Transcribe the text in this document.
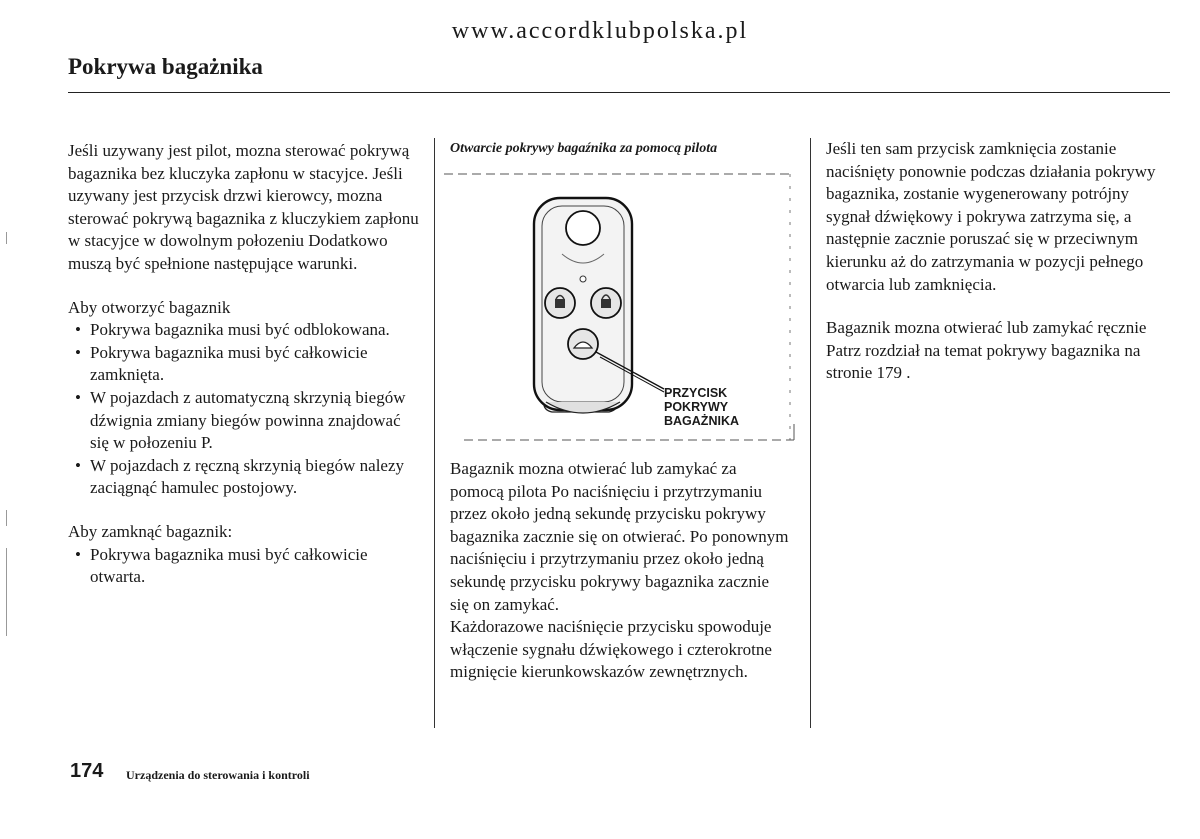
www.accordklubpolska.pl
Pokrywa bagażnika

Jeśli uzywany jest pilot, mozna sterować pokrywą bagaznika bez kluczyka zapłonu w stacyjce. Jeśli uzywany jest przycisk drzwi kierowcy, mozna sterować pokrywą bagaznika z kluczykiem zapłonu w stacyjce w dowolnym połozeniu Dodatkowo muszą być spełnione następujące warunki.

Aby otworzyć bagaznik

• Pokrywa bagaznika musi być odblokowana.
• Pokrywa bagaznika musi być całkowicie zamknięta.
• W pojazdach z automatyczną skrzynią biegów dźwignia zmiany biegów powinna znajdować się w połozeniu P.
• W pojazdach z ręczną skrzynią biegów nalezy zaciągnąć hamulec postojowy.

Aby zamknąć bagaznik:

• Pokrywa bagaznika musi być całkowicie otwarta.
Otwarcie pokrywy bagaźnika za pomocą pilota
PRZYCISK
POKRYWY
BAGAŻNIKA

Bagaznik mozna otwierać lub zamykać za pomocą pilota Po naciśnięciu i przytrzymaniu przez około jedną sekundę przycisku pokrywy bagaznika zacznie się on otwierać. Po ponownym naciśnięciu i przytrzymaniu przez około jedną sekundę przycisku pokrywy bagaznika zacznie się on zamykać.

Każdorazowe naciśnięcie przycisku spowoduje włączenie sygnału dźwiękowego i czterokrotne mignięcie kierunkowskazów zewnętrznych.

Jeśli ten sam przycisk zamknięcia zostanie naciśnięty ponownie podczas działania pokrywy bagaznika, zostanie wygenerowany potrójny sygnał dźwiękowy i pokrywa zatrzyma się, a następnie zacznie poruszać się w przeciwnym kierunku aż do zatrzymania w pozycji pełnego otwarcia lub zamknięcia.

Bagaznik mozna otwierać lub zamykać ręcznie Patrz rozdział na temat pokrywy bagaznika na stronie 179 .

174 Urządzenia do sterowania i kontroli
